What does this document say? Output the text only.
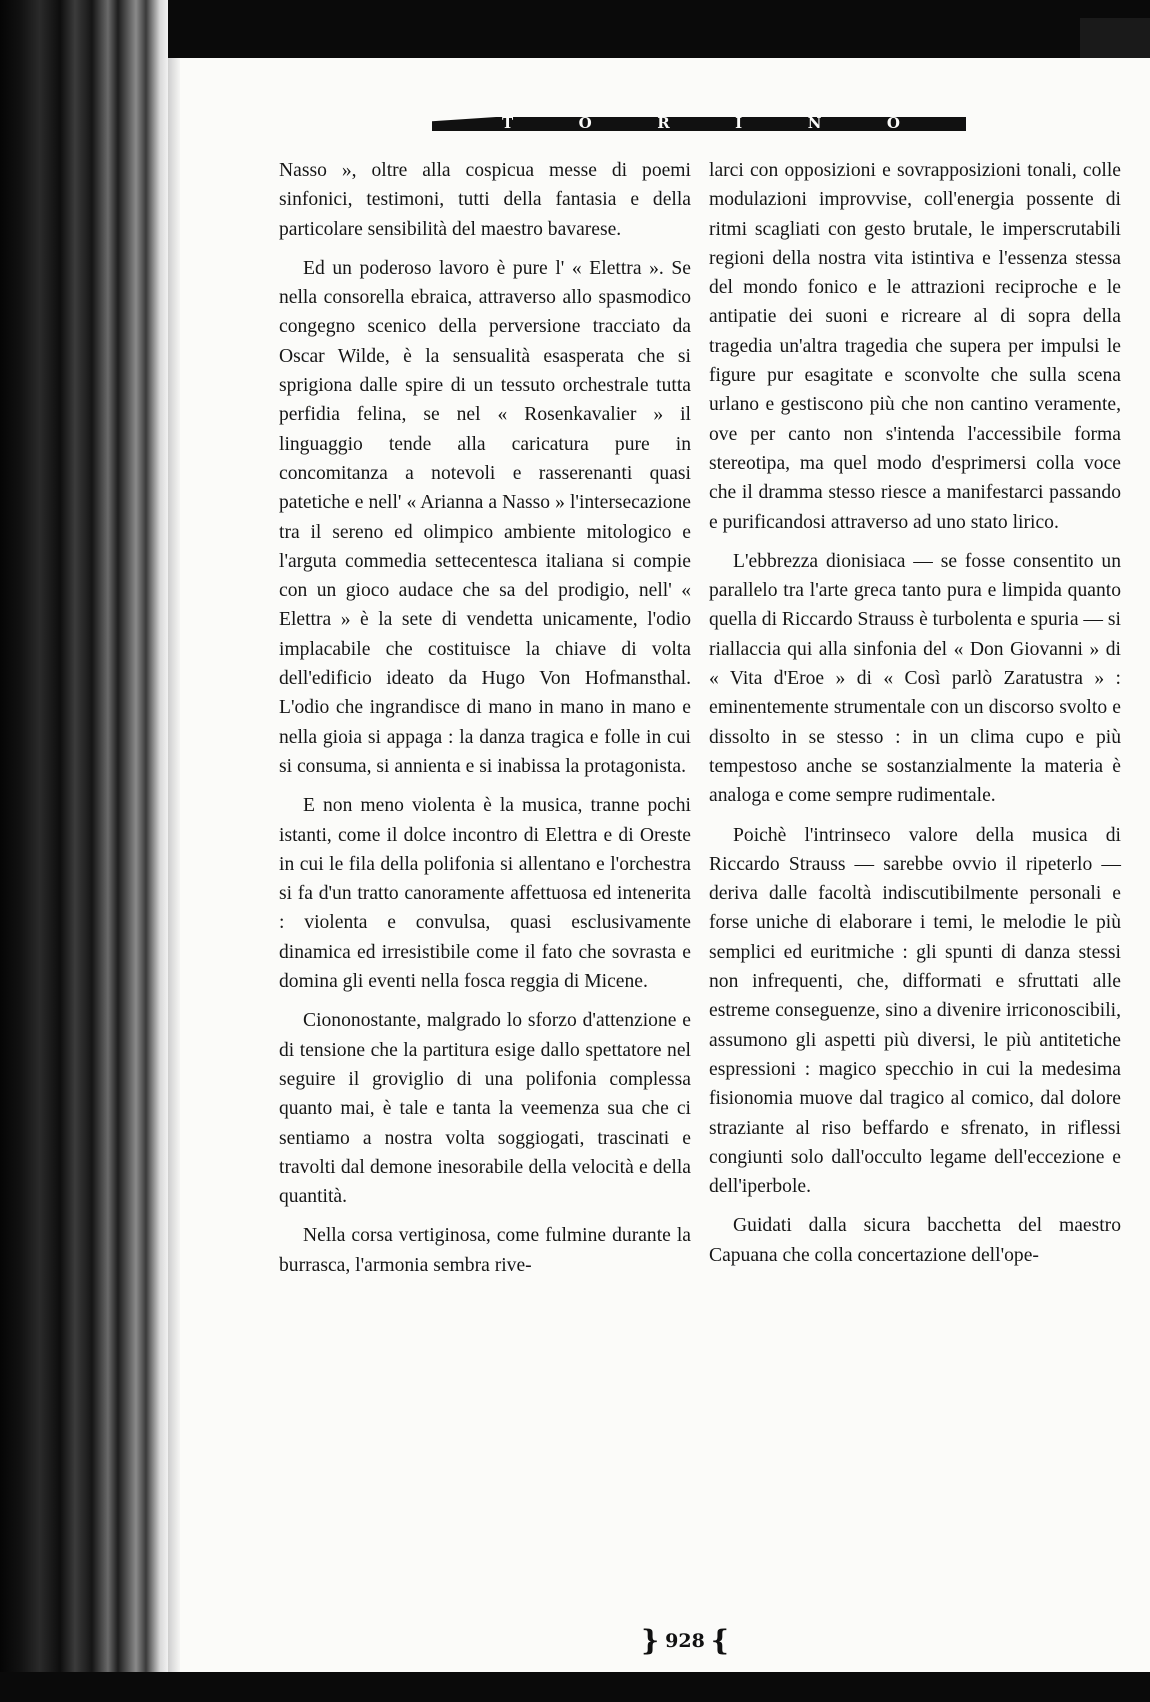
T	O	R	I	N	O

Nasso », oltre alla cospicua messe di poemi sinfonici, testimoni, tutti della fantasia e della particolare sensibilità del maestro bavarese.

Ed un poderoso lavoro è pure l' « Elettra ». Se nella consorella ebraica, attraverso allo spasmodico congegno scenico della perversione tracciato da Oscar Wilde, è la sensualità esasperata che si sprigiona dalle spire di un tessuto orchestrale tutta perfidia felina, se nel « Rosenkavalier » il linguaggio tende alla caricatura pure in concomitanza a notevoli e rasserenanti quasi patetiche e nell' « Arianna a Nasso » l'intersecazione tra il sereno ed olimpico ambiente mitologico e l'arguta commedia settecentesca italiana si compie con un gioco audace che sa del prodigio, nell' « Elettra » è la sete di vendetta unicamente, l'odio implacabile che costituisce la chiave di volta dell'edificio ideato da Hugo Von Hofmansthal. L'odio che ingrandisce di mano in mano in mano e nella gioia si appaga : la danza tragica e folle in cui si consuma, si annienta e si inabissa la protagonista.

E non meno violenta è la musica, tranne pochi istanti, come il dolce incontro di Elettra e di Oreste in cui le fila della polifonia si allentano e l'orchestra si fa d'un tratto canoramente affettuosa ed intenerita : violenta e convulsa, quasi esclusivamente dinamica ed irresistibile come il fato che sovrasta e domina gli eventi nella fosca reggia di Micene.

Ciononostante, malgrado lo sforzo d'attenzione e di tensione che la partitura esige dallo spettatore nel seguire il groviglio di una polifonia complessa quanto mai, è tale e tanta la veemenza sua che ci sentiamo a nostra volta soggiogati, trascinati e travolti dal demone inesorabile della velocità e della quantità.

Nella corsa vertiginosa, come fulmine durante la burrasca, l'armonia sembra rive-

larci con opposizioni e sovrapposizioni tonali, colle modulazioni improvvise, coll'energia possente di ritmi scagliati con gesto brutale, le imperscrutabili regioni della nostra vita istintiva e l'essenza stessa del mondo fonico e le attrazioni reciproche e le antipatie dei suoni e ricreare al di sopra della tragedia un'altra tragedia che supera per impulsi le figure pur esagitate e sconvolte che sulla scena urlano e gestiscono più che non cantino veramente, ove per canto non s'intenda l'accessibile forma stereotipa, ma quel modo d'esprimersi colla voce che il dramma stesso riesce a manifestarci passando e purificandosi attraverso ad uno stato lirico.

L'ebbrezza dionisiaca — se fosse consentito un parallelo tra l'arte greca tanto pura e limpida quanto quella di Riccardo Strauss è turbolenta e spuria — si riallaccia qui alla sinfonia del « Don Giovanni » di « Vita d'Eroe » di « Così parlò Zaratustra » : eminentemente strumentale con un discorso svolto e dissolto in se stesso : in un clima cupo e più tempestoso anche se sostanzialmente la materia è analoga e come sempre rudimentale.

Poichè l'intrinseco valore della musica di Riccardo Strauss — sarebbe ovvio il ripeterlo — deriva dalle facoltà indiscutibilmente personali e forse uniche di elaborare i temi, le melodie le più semplici ed euritmiche : gli spunti di danza stessi non infrequenti, che, difformati e sfruttati alle estreme conseguenze, sino a divenire irriconoscibili, assumono gli aspetti più diversi, le più antitetiche espressioni : magico specchio in cui la medesima fisionomia muove dal tragico al comico, dal dolore straziante al riso beffardo e sfrenato, in riflessi congiunti solo dall'occulto legame dell'eccezione e dell'iperbole.

Guidati dalla sicura bacchetta del maestro Capuana che colla concertazione dell'ope-

} 928 {
